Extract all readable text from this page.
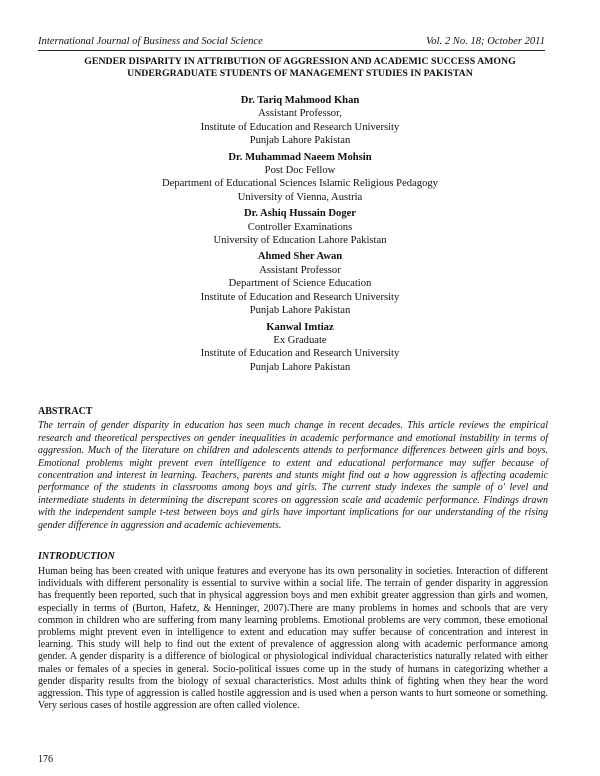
International Journal of Business and Social Science	Vol. 2 No. 18; October 2011
GENDER DISPARITY IN ATTRIBUTION OF AGGRESSION AND ACADEMIC SUCCESS AMONG UNDERGRADUATE STUDENTS OF MANAGEMENT STUDIES IN PAKISTAN
Dr. Tariq Mahmood Khan
Assistant Professor,
Institute of Education and Research University
Punjab Lahore Pakistan
Dr. Muhammad Naeem Mohsin
Post Doc Fellow
Department of Educational Sciences Islamic Religious Pedagogy
University of Vienna, Austria
Dr. Ashiq Hussain Doger
Controller Examinations
University of Education Lahore Pakistan
Ahmed Sher Awan
Assistant Professor
Department of Science Education
Institute of Education and Research University
Punjab Lahore Pakistan
Kanwal Imtiaz
Ex Graduate
Institute of Education and Research University
Punjab Lahore Pakistan
ABSTRACT
The terrain of gender disparity in education has seen much change in recent decades. This article reviews the empirical research and theoretical perspectives on gender inequalities in academic performance and emotional instability in terms of aggression. Much of the literature on children and adolescents attends to performance differences between girls and boys. Emotional problems might prevent even intelligence to extent and educational performance may suffer because of concentration and interest in learning. Teachers, parents and stunts might find out a how aggression is affecting academic performance of the students in classrooms among boys and girls. The current study indexes the sample of o' level and intermediate students in determining the discrepant scores on aggression scale and academic performance. Findings drawn with the independent sample t-test between boys and girls have important implications for our understanding of the rising gender difference in aggression and academic achievements.
INTRODUCTION
Human being has been created with unique features and everyone has its own personality in societies. Interaction of different individuals with different personality is essential to survive within a social life. The terrain of gender disparity in aggression has frequently been reported, such that in physical aggression boys and men exhibit greater aggression than girls and women, especially in terms of (Burton, Hafetz, & Henninger, 2007).There are many problems in homes and schools that are very common in children who are suffering from many learning problems. Emotional problems are very common, these emotional problems might prevent even in intelligence to extent and education may suffer because of concentration and interest in learning. This study will help to find out the extent of prevalence of aggression along with academic performance among gender. A gender disparity is a difference of biological or physiological individual characteristics naturally related with either males or females of a species in general. Socio-political issues come up in the study of humans in categorizing whether a gender disparity results from the biology of sexual characteristics. Most adults think of fighting when they hear the word aggression. This type of aggression is called hostile aggression and is used when a person wants to hurt someone or something. Very serious cases of hostile aggression are often called violence.
176
